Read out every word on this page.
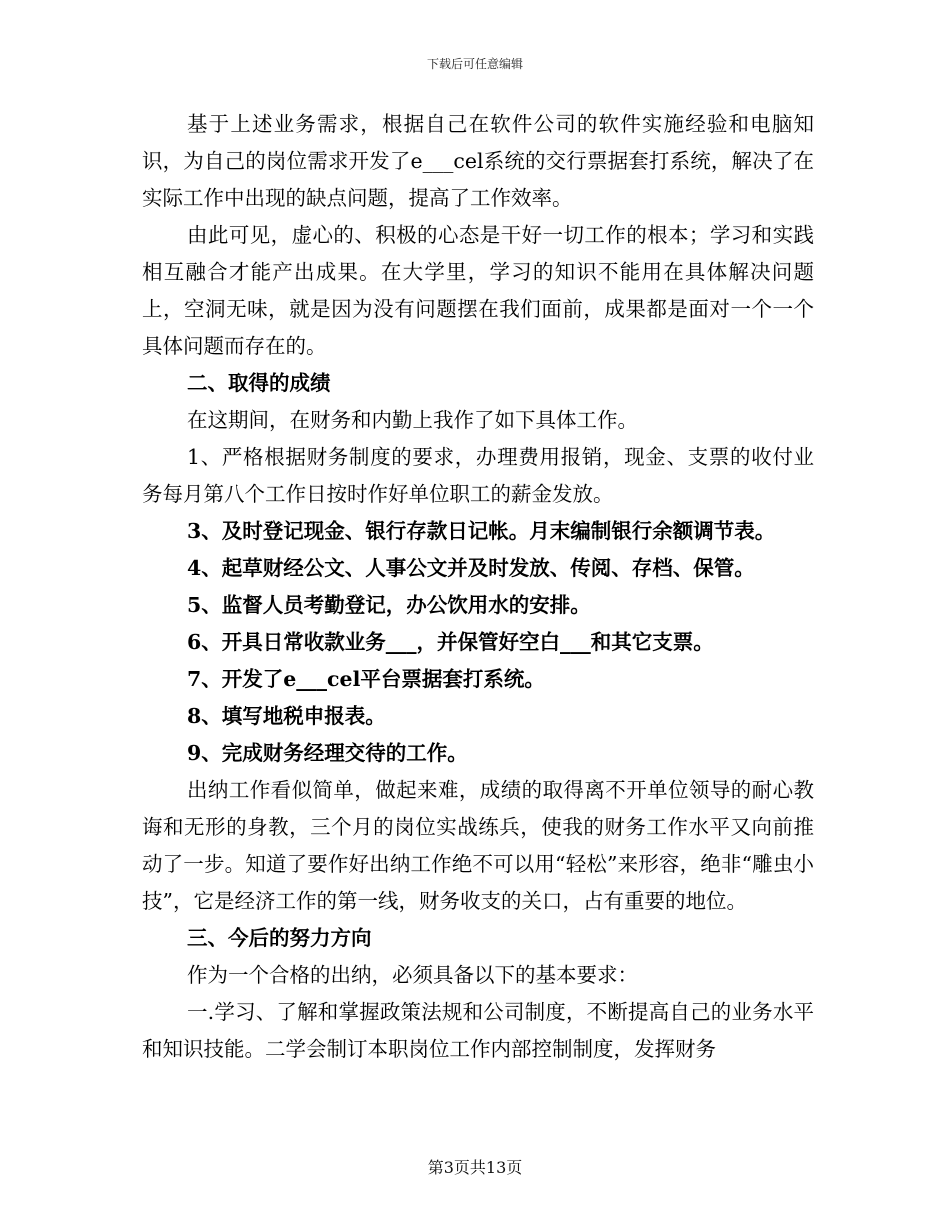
下载后可任意编辑

基于上述业务需求，根据自己在软件公司的软件实施经验和电脑知识，为自己的岗位需求开发了e___cel系统的交行票据套打系统，解决了在实际工作中出现的缺点问题，提高了工作效率。

由此可见，虚心的、积极的心态是干好一切工作的根本；学习和实践相互融合才能产出成果。在大学里，学习的知识不能用在具体解决问题上，空洞无味，就是因为没有问题摆在我们面前，成果都是面对一个一个具体问题而存在的。

二、取得的成绩

在这期间，在财务和内勤上我作了如下具体工作。

1、严格根据财务制度的要求，办理费用报销，现金、支票的收付业务每月第八个工作日按时作好单位职工的薪金发放。

3、及时登记现金、银行存款日记帐。月末编制银行余额调节表。

4、起草财经公文、人事公文并及时发放、传阅、存档、保管。

5、监督人员考勤登记，办公饮用水的安排。

6、开具日常收款业务___，并保管好空白___和其它支票。

7、开发了e___cel平台票据套打系统。

8、填写地税申报表。

9、完成财务经理交待的工作。

出纳工作看似简单，做起来难，成绩的取得离不开单位领导的耐心教诲和无形的身教，三个月的岗位实战练兵，使我的财务工作水平又向前推动了一步。知道了要作好出纳工作绝不可以用“轻松”来形容，绝非“雕虫小技”，它是经济工作的第一线，财务收支的关口，占有重要的地位。

三、今后的努力方向

作为一个合格的出纳，必须具备以下的基本要求：

一.学习、了解和掌握政策法规和公司制度，不断提高自己的业务水平和知识技能。二学会制订本职岗位工作内部控制制度，发挥财务

第3页共13页
